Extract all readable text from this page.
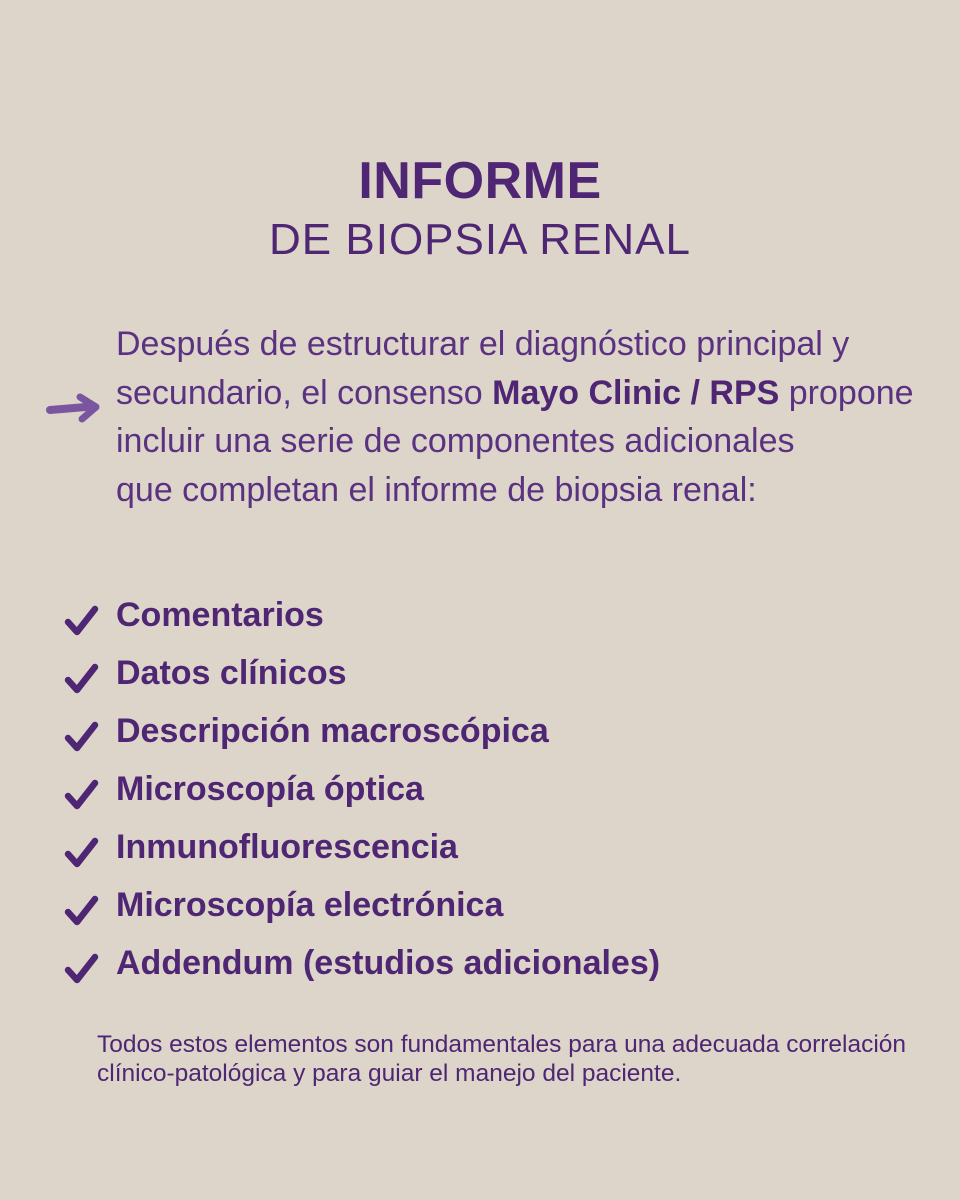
INFORME
DE BIOPSIA RENAL
Después de estructurar el diagnóstico principal y secundario, el consenso Mayo Clinic / RPS propone incluir una serie de componentes adicionales
que completan el informe de biopsia renal:
Comentarios
Datos clínicos
Descripción macroscópica
Microscopía óptica
Inmunofluorescencia
Microscopía electrónica
Addendum (estudios adicionales)
Todos estos elementos son fundamentales para una adecuada correlación clínico-patológica y para guiar el manejo del paciente.
